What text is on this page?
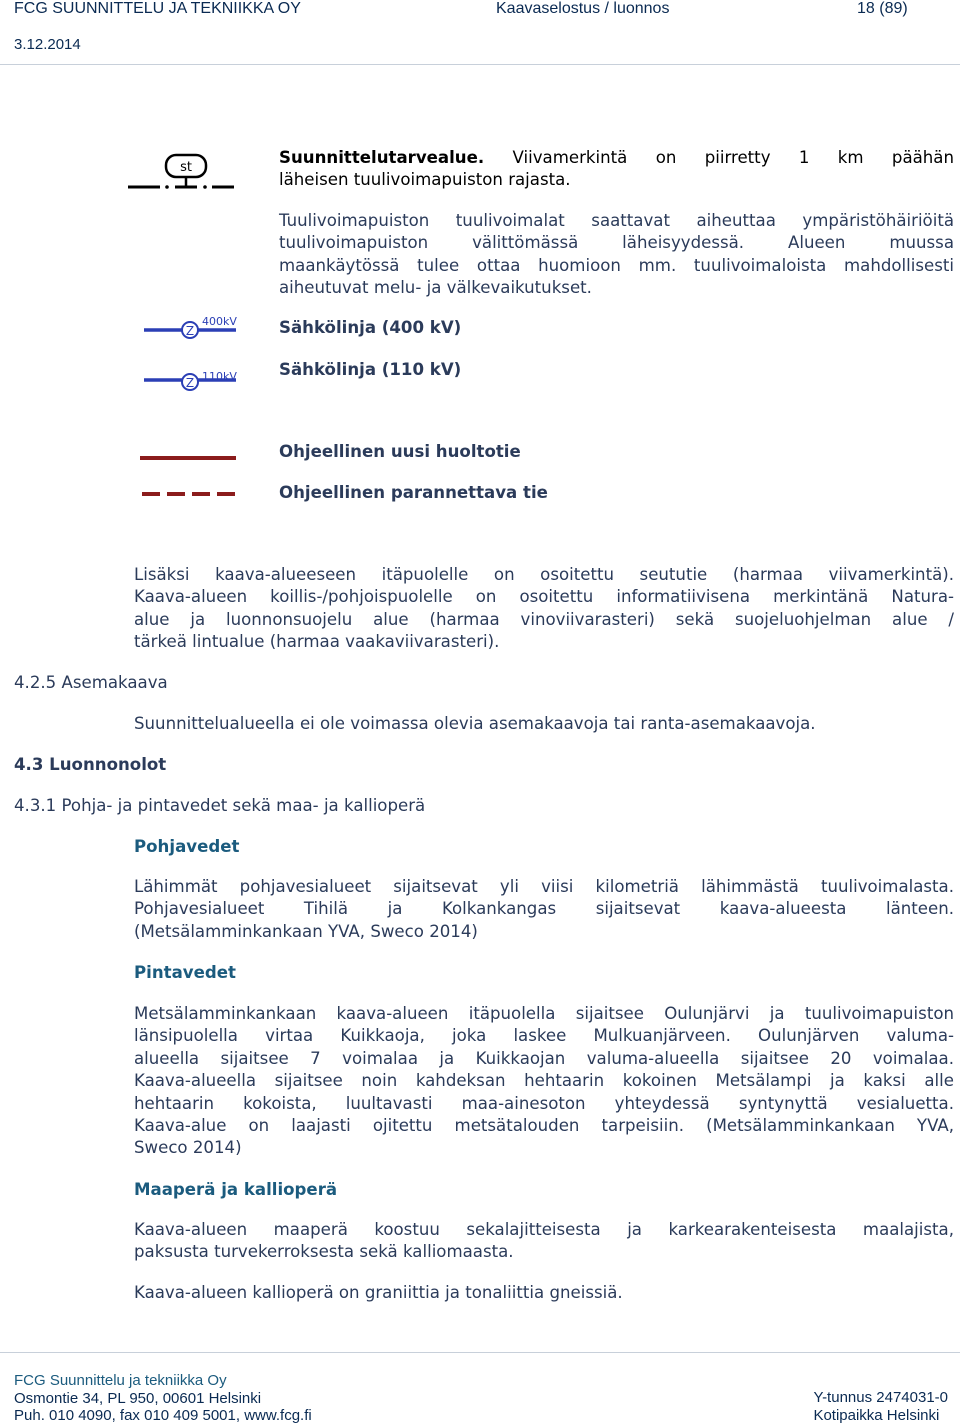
FCG SUUNNITTELU JA TEKNIIKKA OY	Kaavaselostus / luonnos	18 (89)
3.12.2014
st
Suunnittelutarvealue. Viivamerkintä on piirretty 1 km päähän
läheisen tuulivoimapuiston rajasta.
Tuulivoimapuiston tuulivoimalat saattavat aiheuttaa ympäristöhäiriöitä
tuulivoimapuiston välittömässä läheisyydessä. Alueen muussa
maankäytössä tulee ottaa huomioon mm. tuulivoimaloista mahdollisesti
aiheutuvat melu- ja välkevaikutukset.
Z
400kV	Sähkölinja (400 kV)
Z 110kV	Sähkölinja (110 kV)
Ohjeellinen uusi huoltotie
Ohjeellinen parannettava tie
Lisäksi kaava-alueeseen itäpuolelle on osoitettu seututie (harmaa viivamerkintä).
Kaava-alueen koillis-/pohjoispuolelle on osoitettu informatiivisena merkintänä Natura-
alue ja luonnonsuojelu alue (harmaa vinoviivarasteri) sekä suojeluohjelman alue /
tärkeä lintualue (harmaa vaakaviivarasteri).
4.2.5 Asemakaava
Suunnittelualueella ei ole voimassa olevia asemakaavoja tai ranta-asemakaavoja.
4.3 Luonnonolot
4.3.1 Pohja- ja pintavedet sekä maa- ja kallioperä
Pohjavedet
Lähimmät pohjavesialueet sijaitsevat yli viisi kilometriä lähimmästä tuulivoimalasta.
Pohjavesialueet Tihilä ja Kolkankangas sijaitsevat kaava-alueesta länteen.
(Metsälamminkankaan YVA, Sweco 2014)
Pintavedet
Metsälamminkankaan kaava-alueen itäpuolella sijaitsee Oulunjärvi ja tuulivoimapuiston
länsipuolella virtaa Kuikkaoja, joka laskee Mulkuanjärveen. Oulunjärven valuma-
alueella sijaitsee 7 voimalaa ja Kuikkaojan valuma-alueella sijaitsee 20 voimalaa.
Kaava-alueella sijaitsee noin kahdeksan hehtaarin kokoinen Metsälampi ja kaksi alle
hehtaarin kokoista, luultavasti maa-ainesoton yhteydessä syntynyttä vesialuetta.
Kaava-alue on laajasti ojitettu metsätalouden tarpeisiin. (Metsälamminkankaan YVA,
Sweco 2014)
Maaperä ja kallioperä
Kaava-alueen maaperä koostuu sekalajitteisesta ja karkearakenteisesta maalajista,
paksusta turvekerroksesta sekä kalliomaasta.
Kaava-alueen kallioperä on graniittia ja tonaliittia gneissiä.
FCG Suunnittelu ja tekniikka Oy
Osmontie 34, PL 950, 00601 Helsinki
Puh. 010 4090, fax 010 409 5001, www.fcg.fi
Y-tunnus 2474031-0
Kotipaikka Helsinki
